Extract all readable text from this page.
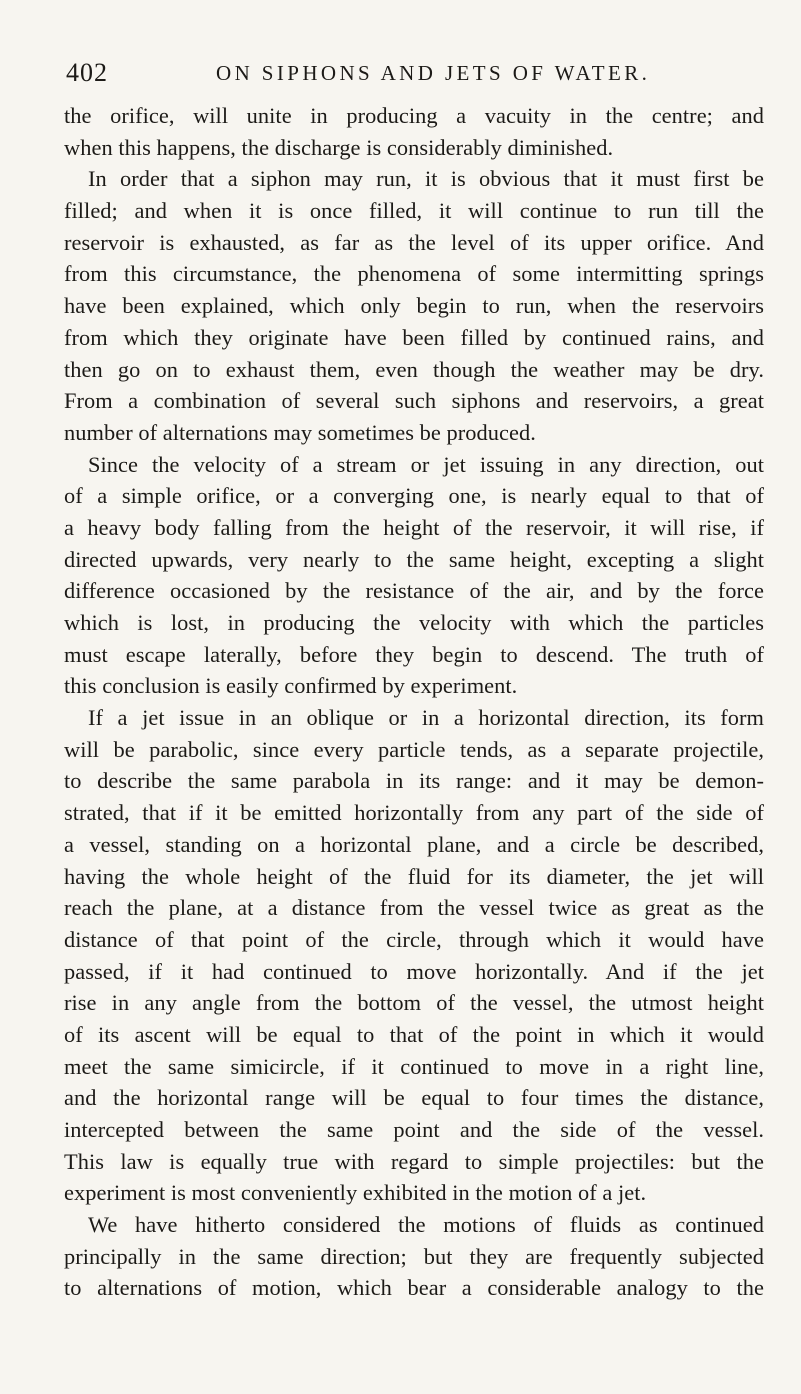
402	ON SIPHONS AND JETS OF WATER.
the orifice, will unite in producing a vacuity in the centre; and
when this happens, the discharge is considerably diminished.
In order that a siphon may run, it is obvious that it must first be
filled; and when it is once filled, it will continue to run till the
reservoir is exhausted, as far as the level of its upper orifice. And
from this circumstance, the phenomena of some intermitting springs
have been explained, which only begin to run, when the reservoirs
from which they originate have been filled by continued rains, and
then go on to exhaust them, even though the weather may be dry.
From a combination of several such siphons and reservoirs, a great
number of alternations may sometimes be produced.
Since the velocity of a stream or jet issuing in any direction, out
of a simple orifice, or a converging one, is nearly equal to that of
a heavy body falling from the height of the reservoir, it will rise, if
directed upwards, very nearly to the same height, excepting a slight
difference occasioned by the resistance of the air, and by the force
which is lost, in producing the velocity with which the particles
must escape laterally, before they begin to descend. The truth of
this conclusion is easily confirmed by experiment.
If a jet issue in an oblique or in a horizontal direction, its form
will be parabolic, since every particle tends, as a separate projectile,
to describe the same parabola in its range: and it may be demon-
strated, that if it be emitted horizontally from any part of the side of
a vessel, standing on a horizontal plane, and a circle be described,
having the whole height of the fluid for its diameter, the jet will
reach the plane, at a distance from the vessel twice as great as the
distance of that point of the circle, through which it would have
passed, if it had continued to move horizontally. And if the jet
rise in any angle from the bottom of the vessel, the utmost height
of its ascent will be equal to that of the point in which it would
meet the same simicircle, if it continued to move in a right line,
and the horizontal range will be equal to four times the distance,
intercepted between the same point and the side of the vessel.
This law is equally true with regard to simple projectiles: but the
experiment is most conveniently exhibited in the motion of a jet.
We have hitherto considered the motions of fluids as continued
principally in the same direction; but they are frequently subjected
to alternations of motion, which bear a considerable analogy to the
